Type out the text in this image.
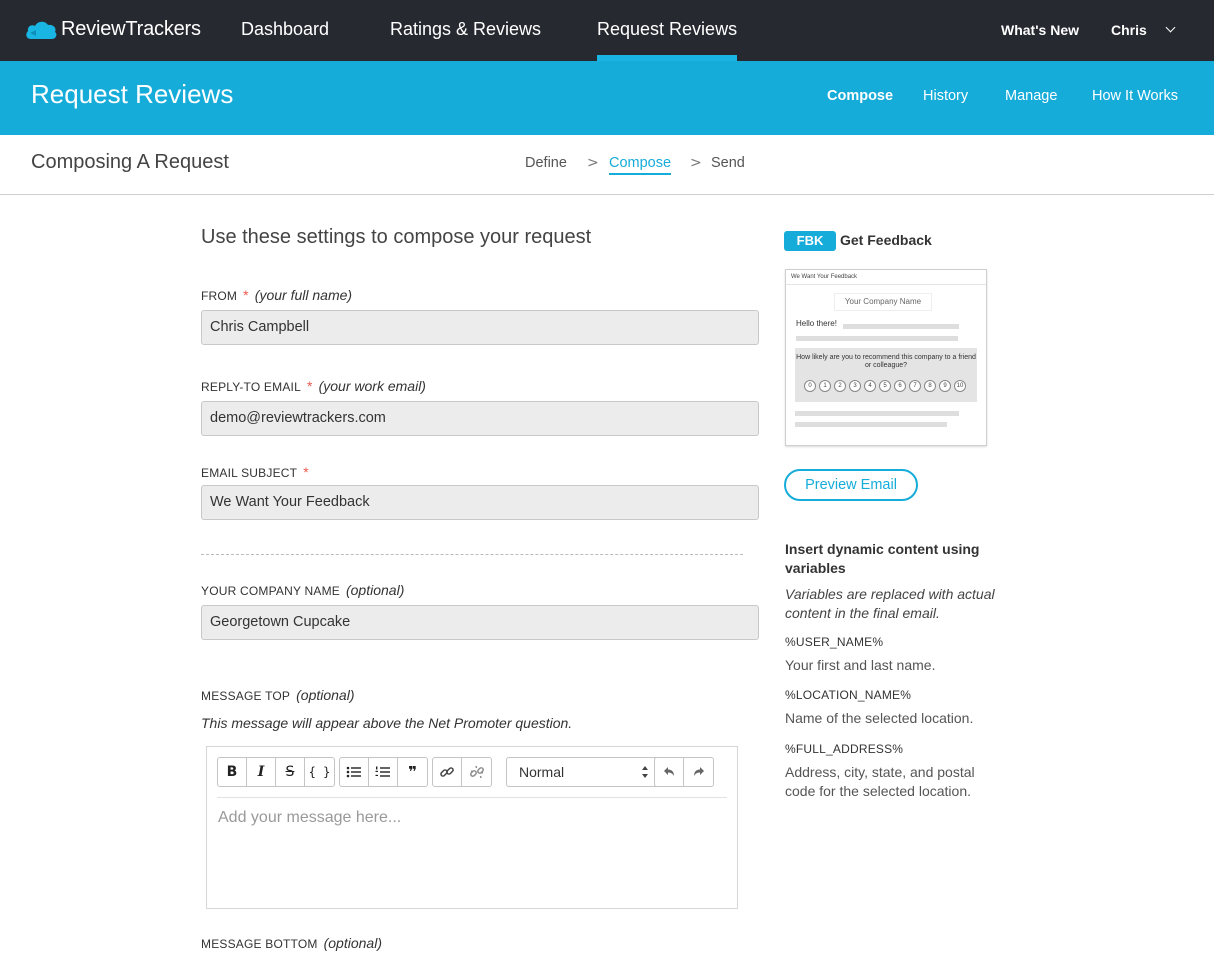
ReviewTrackers Dashboard	Ratings & Reviews	Request Reviews	What's New Chris
Request Reviews	Compose History	Manage How It Works
Composing A Request	Define > Compose > Send
Use these settings to compose your request
FROM * (your full name)
Chris Campbell
REPLY-TO EMAIL * (your work email)
demo@reviewtrackers.com
EMAIL SUBJECT *
We Want Your Feedback
YOUR COMPANY NAME (optional)
Georgetown Cupcake
MESSAGE TOP (optional)
This message will appear above the Net Promoter question.
B I S { }	❞	Normal
Add your message here...
MESSAGE BOTTOM (optional)
FBK	Get Feedback
We Want Your Feedback
Your Company Name
Hello there!
How likely are you to recommend this company to a friend or colleague?
0	1	2	3	4	5	6	7	8	9	10
Preview Email
Insert dynamic content using variables
Variables are replaced with actual content in the final email.
%USER_NAME%
Your first and last name.
%LOCATION_NAME%
Name of the selected location.
%FULL_ADDRESS%
Address, city, state, and postal code for the selected location.
